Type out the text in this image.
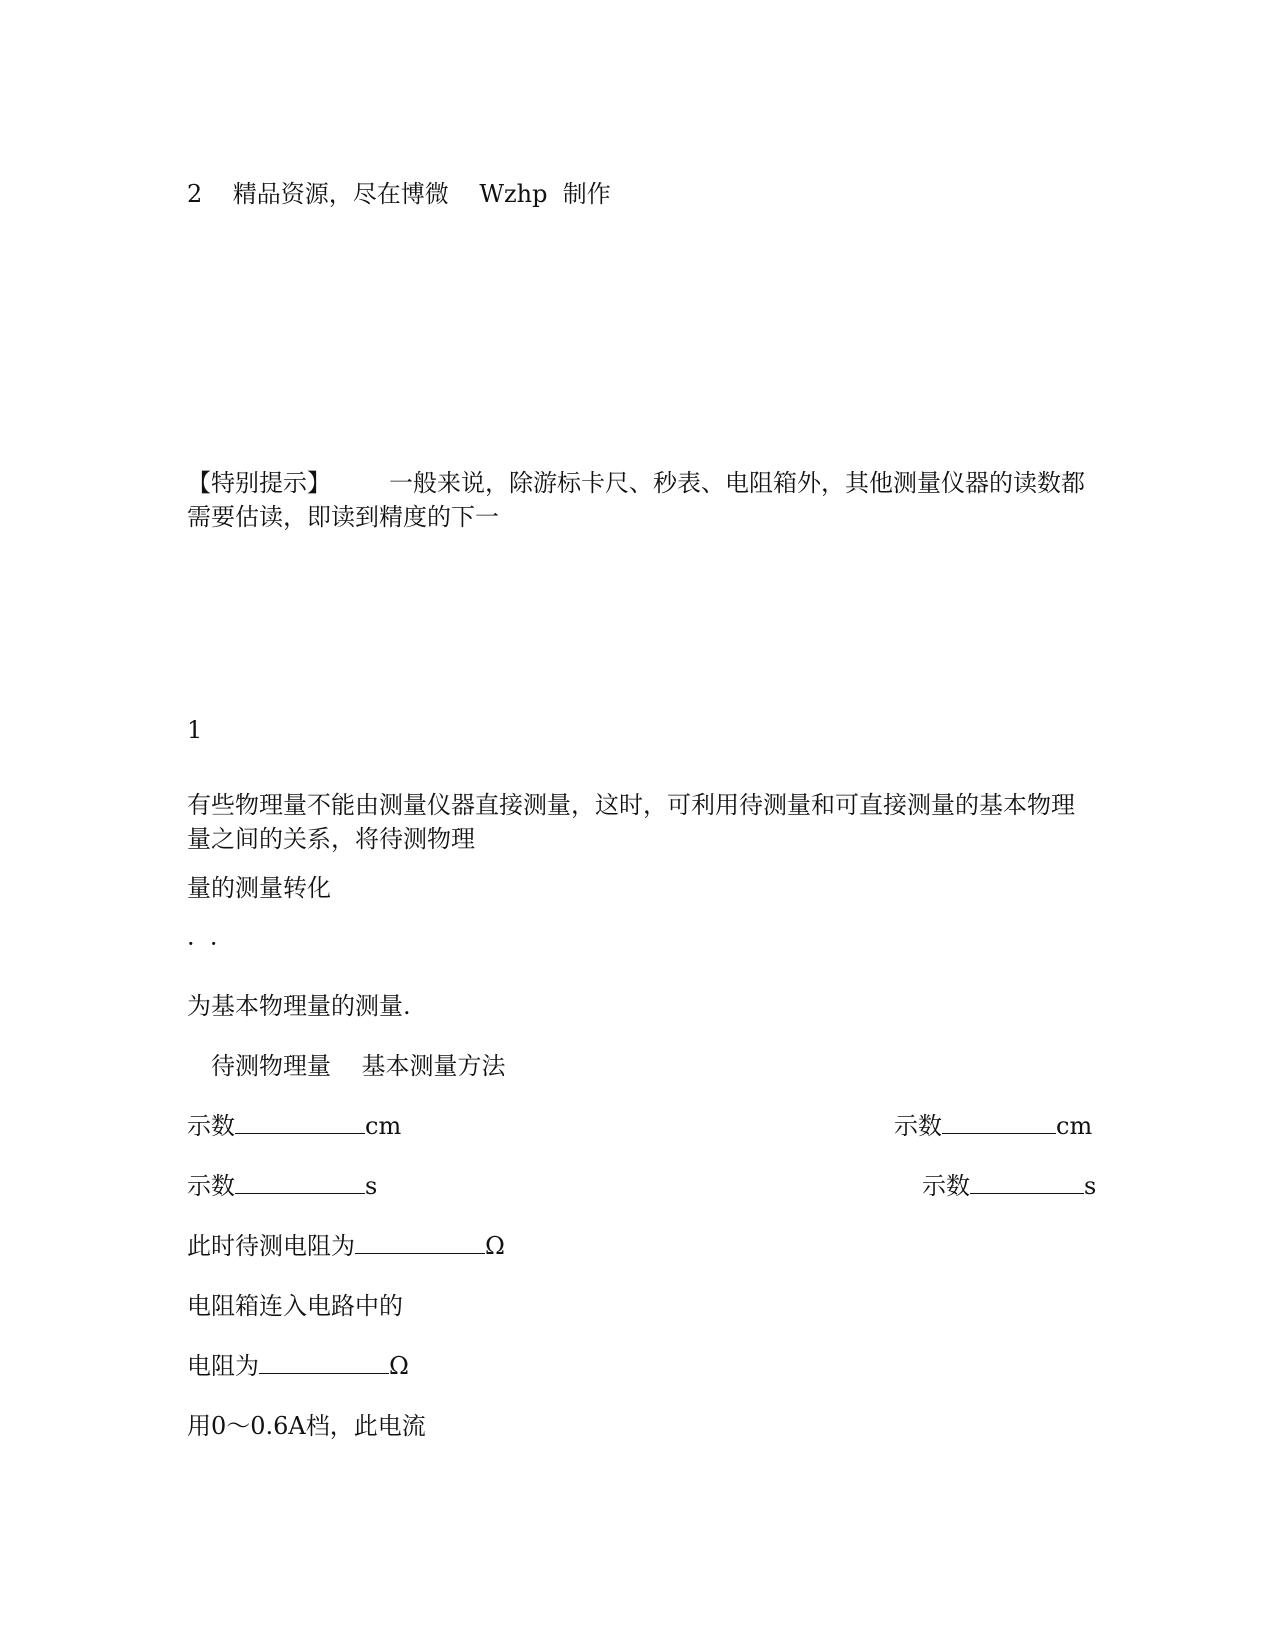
2 精品资源，尽在博微 Wzhp 制作
【特别提示】 一般来说，除游标卡尺、秒表、电阻箱外，其他测量仪器的读数都需要估读，即读到精度的下一
1
有些物理量不能由测量仪器直接测量，这时，可利用待测量和可直接测量的基本物理量之间的关系，将待测物理
量的测量转化
·  ·
为基本物理量的测量.
待测物理量 基本测量方法
示数	cm	示数	cm
示数	s	示数	s
此时待测电阻为	Ω
电阻箱连入电路中的
电阻为	Ω
用0～0.6A档，此电流
